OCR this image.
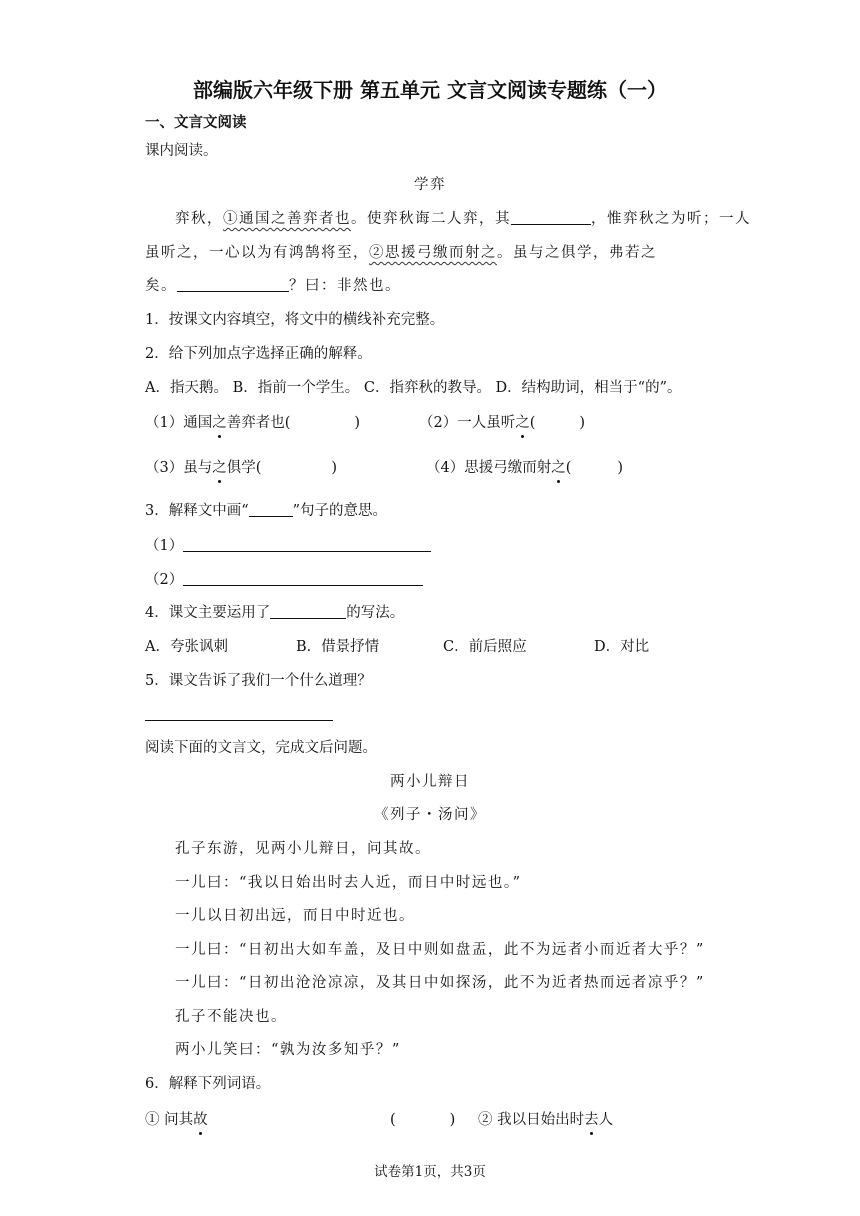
部编版六年级下册 第五单元 文言文阅读专题练（一）
一、文言文阅读
课内阅读。
学弈
弈秋，①通国之善弈者也。使弈秋诲二人弈，其	，惟弈秋之为听；一人
虽听之，一心以为有鸿鹄将至，②思援弓缴而射之。虽与之俱学，弗若之
矣。	？曰：非然也。
1．按课文内容填空，将文中的横线补充完整。
2．给下列加点字选择正确的解释。
A．指天鹅。 B．指前一个学生。 C．指弈秋的教导。 D．结构助词，相当于“的”。
（1）通国之善弈者也(	)	（2）一人虽听之(	)
（3）虽与之俱学(	)	（4）思援弓缴而射之(	)
3．解释文中画“	”句子的意思。
（1）
（2）
4．课文主要运用了	的写法。
A．夸张讽刺	B．借景抒情	C．前后照应	D．对比
5．课文告诉了我们一个什么道理？
阅读下面的文言文，完成文后问题。
两小儿辩日
《列子・汤问》
孔子东游，见两小儿辩日，问其故。
一儿曰：“我以日始出时去人近，而日中时远也。”
一儿以日初出远，而日中时近也。
一儿曰：“日初出大如车盖，及日中则如盘盂，此不为远者小而近者大乎？”
一儿曰：“日初出沧沧凉凉，及其日中如探汤，此不为近者热而远者凉乎？”
孔子不能决也。
两小儿笑曰：“孰为汝多知乎？”
6．解释下列词语。
① 问其故	(	) ② 我以日始出时去人
试卷第1页，共3页
